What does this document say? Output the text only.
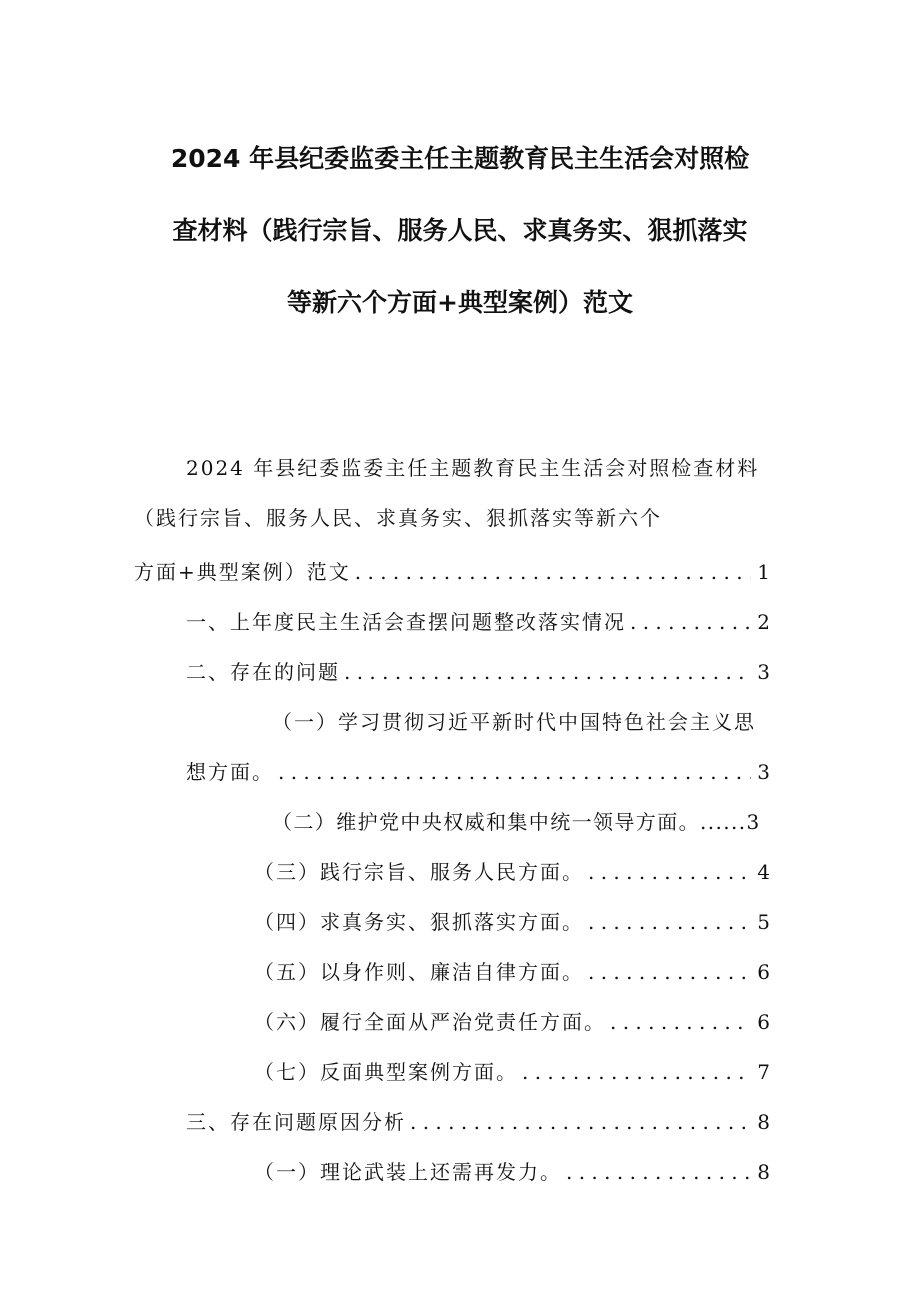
2024 年县纪委监委主任主题教育民主生活会对照检
查材料（践行宗旨、服务人民、求真务实、狠抓落实
等新六个方面+典型案例）范文
2024 年县纪委监委主任主题教育民主生活会对照检查材料
（践行宗旨、服务人民、求真务实、狠抓落实等新六个
方面+典型案例）范文 . . .	1
一、上年度民主生活会查摆问题整改落实情况 . . .	2
二、存在的问题 . . .	3
（一）学习贯彻习近平新时代中国特色社会主义思
想方面。 . . .	3
（二）维护党中央权威和集中统一领导方面。......3
（三）践行宗旨、服务人民方面。 . . .	4
（四）求真务实、狠抓落实方面。 . . .	5
（五）以身作则、廉洁自律方面。 . . .	6
（六）履行全面从严治党责任方面。 . . .	6
（七）反面典型案例方面。 . . .	7
三、存在问题原因分析 . . .	8
（一）理论武装上还需再发力。 . . .	8
